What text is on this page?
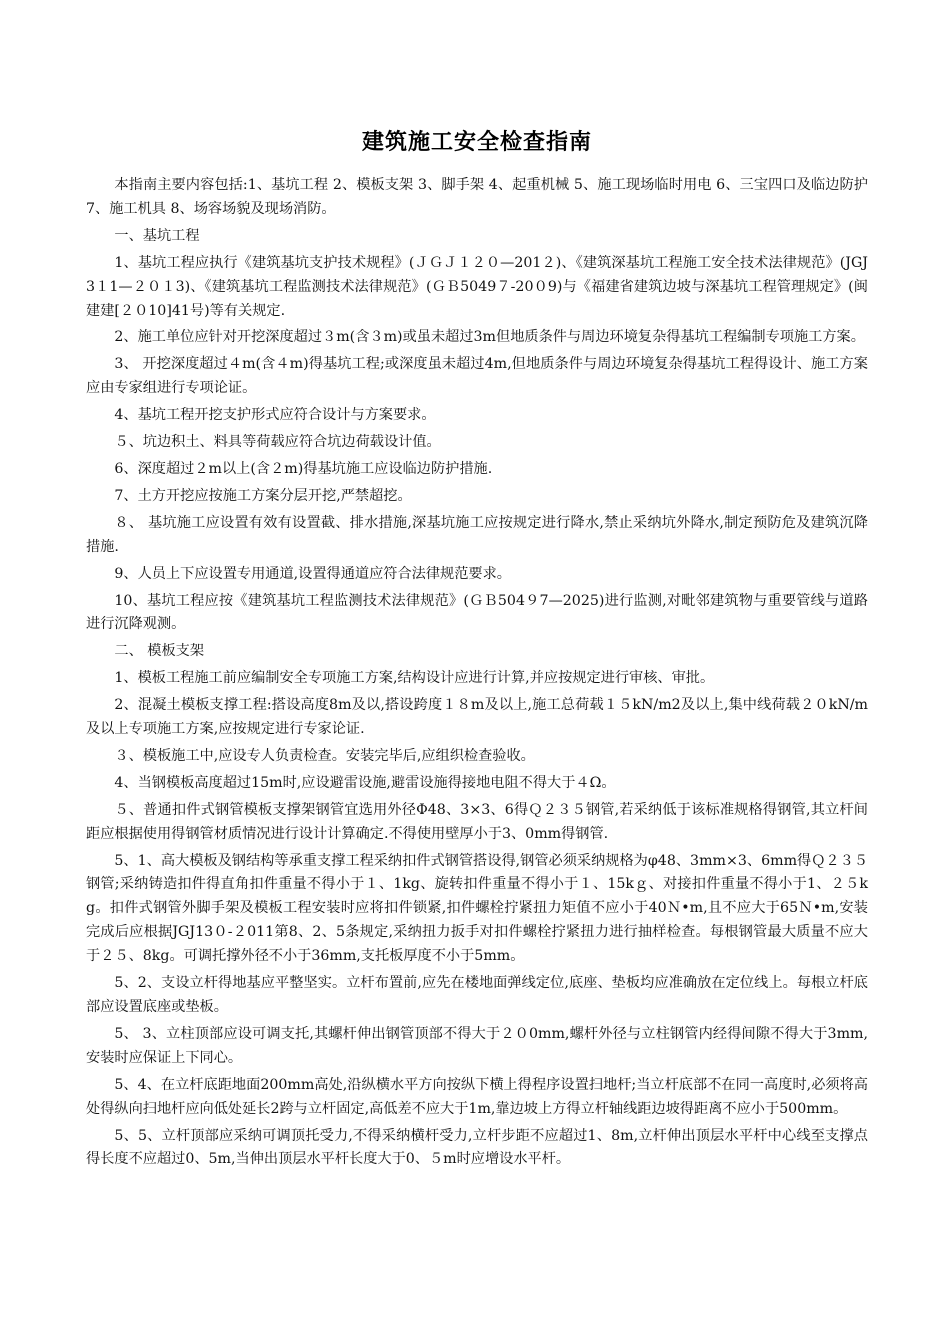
建筑施工安全检查指南

本指南主要内容包括:1、基坑工程 2、模板支架 3、脚手架 4、起重机械 5、施工现场临时用电 6、三宝四口及临边防护 7、施工机具 8、场容场貌及现场消防。

一、基坑工程

1、基坑工程应执行《建筑基坑支护技术规程》(ＪＧＪ１２０—201２)、《建筑深基坑工程施工安全技术法律规范》(JGJ3１1—２０１3)、《建筑基坑工程监测技术法律规范》(ＧＢ5049７-20０9)与《福建省建筑边坡与深基坑工程管理规定》(闽建建[２０10]41号)等有关规定.

2、施工单位应针对开挖深度超过３m(含３m)或虽未超过3m但地质条件与周边环境复杂得基坑工程编制专项施工方案。

3、 开挖深度超过４m(含４m)得基坑工程;或深度虽未超过4m,但地质条件与周边环境复杂得基坑工程得设计、施工方案应由专家组进行专项论证。

4、基坑工程开挖支护形式应符合设计与方案要求。

５、坑边积土、料具等荷载应符合坑边荷载设计值。

6、深度超过２m以上(含２m)得基坑施工应设临边防护措施.

7、土方开挖应按施工方案分层开挖,严禁超挖。

８、 基坑施工应设置有效有设置截、排水措施,深基坑施工应按规定进行降水,禁止采纳坑外降水,制定预防危及建筑沉降措施.

9、人员上下应设置专用通道,设置得通道应符合法律规范要求。

10、基坑工程应按《建筑基坑工程监测技术法律规范》(ＧＢ504９7—2025)进行监测,对毗邻建筑物与重要管线与道路进行沉降观测。

二、 模板支架

1、模板工程施工前应编制安全专项施工方案,结构设计应进行计算,并应按规定进行审核、审批。

2、混凝土模板支撑工程:搭设高度8m及以,搭设跨度１８m及以上,施工总荷载１５kN/m2及以上,集中线荷载２０kN/m及以上专项施工方案,应按规定进行专家论证.

３、模板施工中,应设专人负责检查。安装完毕后,应组织检查验收。

4、当钢模板高度超过15m时,应设避雷设施,避雷设施得接地电阻不得大于４Ω。

５、普通扣件式钢管模板支撑架钢管宜选用外径Φ48、3×3、6得Ｑ２３５钢管,若采纳低于该标准规格得钢管,其立杆间距应根据使用得钢管材质情况进行设计计算确定.不得使用壁厚小于3、0mm得钢管.

5、1、高大模板及钢结构等承重支撑工程采纳扣件式钢管搭设得,钢管必须采纳规格为φ48、3mm×3、6mm得Ｑ２３５钢管;采纳铸造扣件得直角扣件重量不得小于１、1kg、旋转扣件重量不得小于１、15kｇ、对接扣件重量不得小于1、２５kg。扣件式钢管外脚手架及模板工程安装时应将扣件锁紧,扣件螺栓拧紧扭力矩值不应小于40Ｎ•m,且不应大于65Ｎ•m,安装完成后应根据JGJ13０-２011第8、2、5条规定,采纳扭力扳手对扣件螺栓拧紧扭力进行抽样检查。每根钢管最大质量不应大于２５、8kg。可调托撑外径不小于36mm,支托板厚度不小于5mm。

5、2、支设立杆得地基应平整坚实。立杆布置前,应先在楼地面弹线定位,底座、垫板均应准确放在定位线上。每根立杆底部应设置底座或垫板。

5、 3、立柱顶部应设可调支托,其螺杆伸出钢管顶部不得大于２０0mm,螺杆外径与立柱钢管内经得间隙不得大于3mm,安装时应保证上下同心。

5、4、在立杆底距地面200mm高处,沿纵横水平方向按纵下横上得程序设置扫地杆;当立杆底部不在同一高度时,必须将高处得纵向扫地杆应向低处延长2跨与立杆固定,高低差不应大于1m,靠边坡上方得立杆轴线距边坡得距离不应小于500mm。

5、5、立杆顶部应采纳可调顶托受力,不得采纳横杆受力,立杆步距不应超过1、8m,立杆伸出顶层水平杆中心线至支撑点得长度不应超过0、5m,当伸出顶层水平杆长度大于0、５m时应增设水平杆。
